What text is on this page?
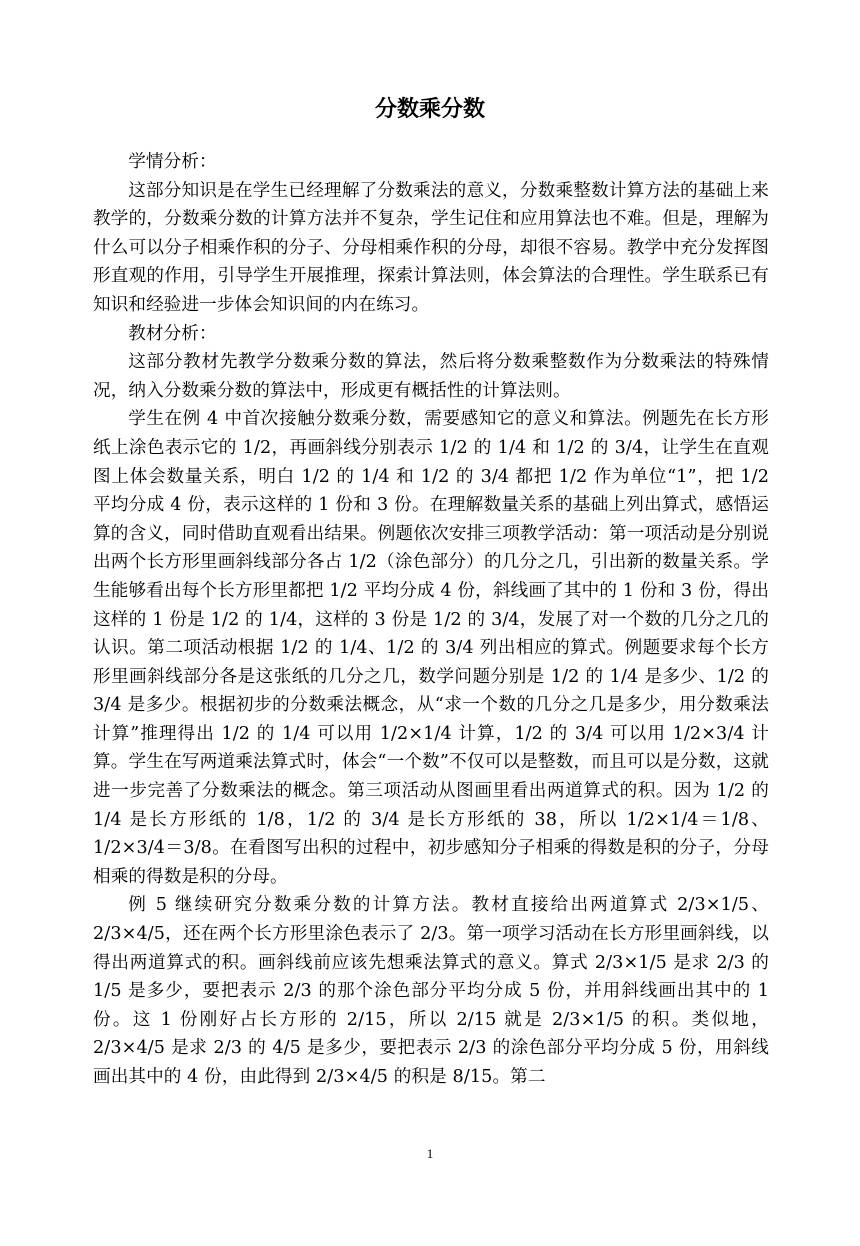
分数乘分数

学情分析：

这部分知识是在学生已经理解了分数乘法的意义，分数乘整数计算方法的基础上来教学的，分数乘分数的计算方法并不复杂，学生记住和应用算法也不难。但是，理解为什么可以分子相乘作积的分子、分母相乘作积的分母，却很不容易。教学中充分发挥图形直观的作用，引导学生开展推理，探索计算法则，体会算法的合理性。学生联系已有知识和经验进一步体会知识间的内在练习。

教材分析：

这部分教材先教学分数乘分数的算法，然后将分数乘整数作为分数乘法的特殊情况，纳入分数乘分数的算法中，形成更有概括性的计算法则。

学生在例 4 中首次接触分数乘分数，需要感知它的意义和算法。例题先在长方形纸上涂色表示它的 1/2，再画斜线分别表示 1/2 的 1/4 和 1/2 的 3/4，让学生在直观图上体会数量关系，明白 1/2 的 1/4 和 1/2 的 3/4 都把 1/2 作为单位“1”，把 1/2 平均分成 4 份，表示这样的 1 份和 3 份。在理解数量关系的基础上列出算式，感悟运算的含义，同时借助直观看出结果。例题依次安排三项教学活动：第一项活动是分别说出两个长方形里画斜线部分各占 1/2（涂色部分）的几分之几，引出新的数量关系。学生能够看出每个长方形里都把 1/2 平均分成 4 份，斜线画了其中的 1 份和 3 份，得出这样的 1 份是 1/2 的 1/4，这样的 3 份是 1/2 的 3/4，发展了对一个数的几分之几的认识。第二项活动根据 1/2 的 1/4、1/2 的 3/4 列出相应的算式。例题要求每个长方形里画斜线部分各是这张纸的几分之几，数学问题分别是 1/2 的 1/4 是多少、1/2 的 3/4 是多少。根据初步的分数乘法概念，从“求一个数的几分之几是多少，用分数乘法计算”推理得出 1/2 的 1/4 可以用 1/2×1/4 计算，1/2 的 3/4 可以用 1/2×3/4 计算。学生在写两道乘法算式时，体会“一个数”不仅可以是整数，而且可以是分数，这就进一步完善了分数乘法的概念。第三项活动从图画里看出两道算式的积。因为 1/2 的 1/4 是长方形纸的 1/8，1/2 的 3/4 是长方形纸的 38，所以 1/2×1/4＝1/8、1/2×3/4＝3/8。在看图写出积的过程中，初步感知分子相乘的得数是积的分子，分母相乘的得数是积的分母。

例 5 继续研究分数乘分数的计算方法。教材直接给出两道算式 2/3×1/5、2/3×4/5，还在两个长方形里涂色表示了 2/3。第一项学习活动在长方形里画斜线，以得出两道算式的积。画斜线前应该先想乘法算式的意义。算式 2/3×1/5 是求 2/3 的 1/5 是多少，要把表示 2/3 的那个涂色部分平均分成 5 份，并用斜线画出其中的 1 份。这 1 份刚好占长方形的 2/15，所以 2/15 就是 2/3×1/5 的积。类似地，2/3×4/5 是求 2/3 的 4/5 是多少，要把表示 2/3 的涂色部分平均分成 5 份，用斜线画出其中的 4 份，由此得到 2/3×4/5 的积是 8/15。第二

1
